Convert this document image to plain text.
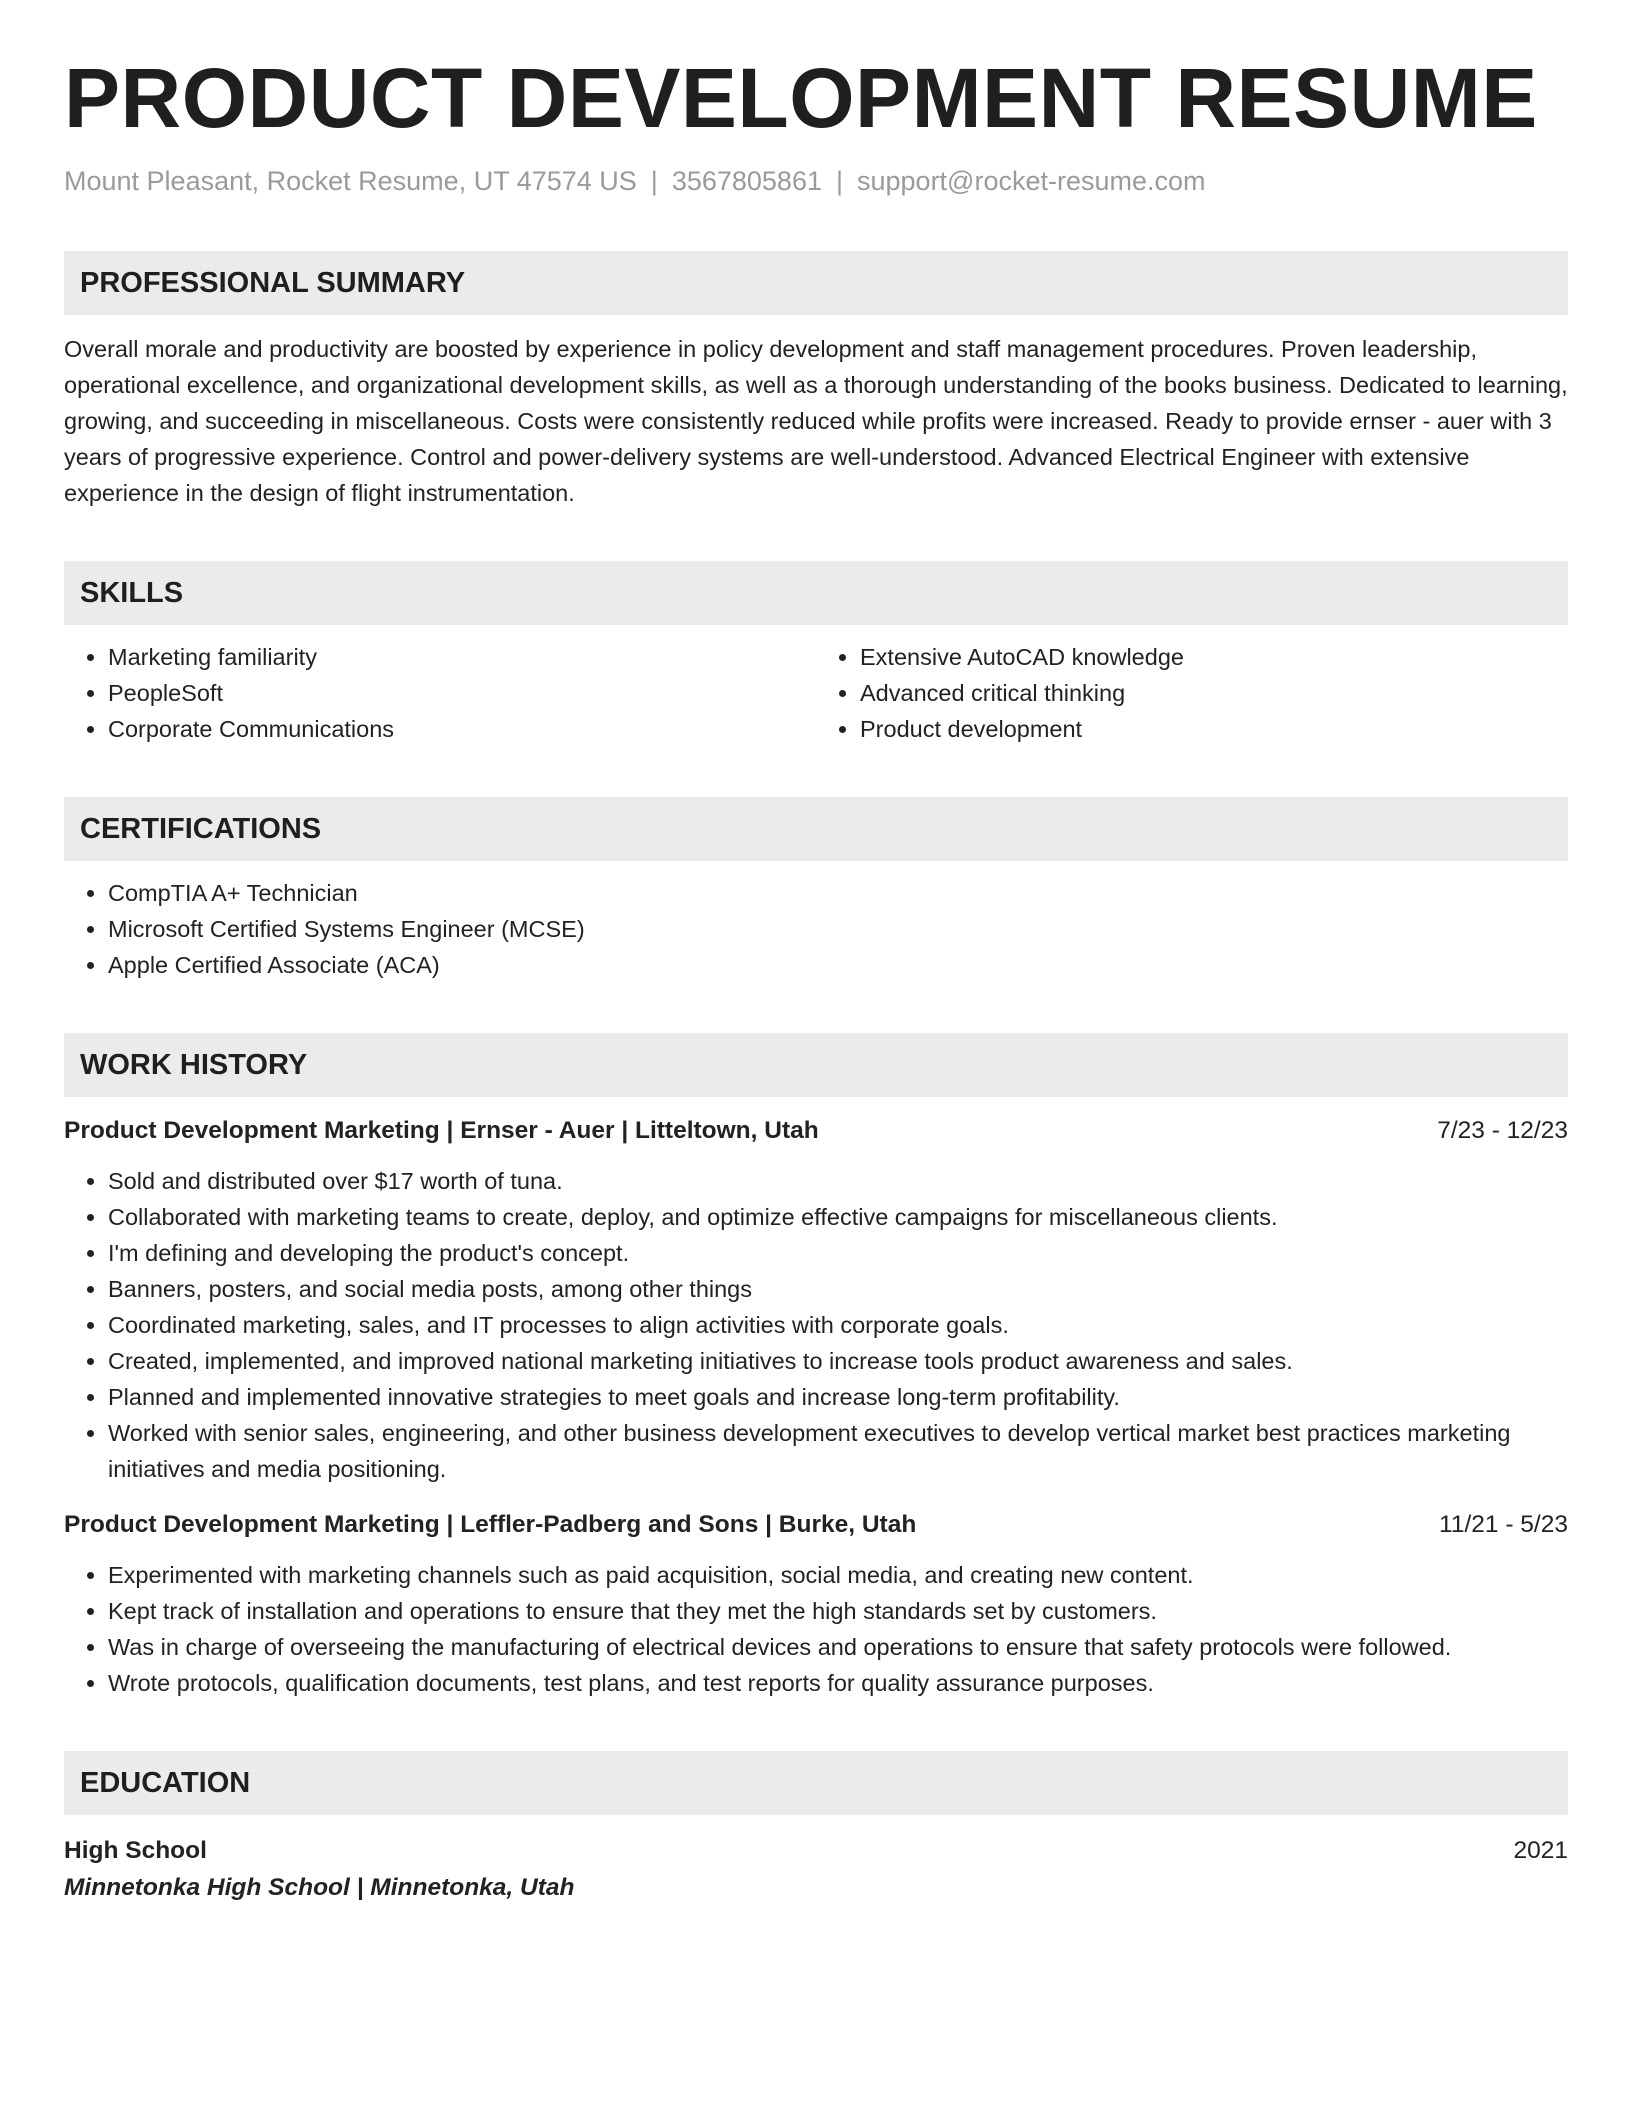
PRODUCT DEVELOPMENT RESUME
Mount Pleasant, Rocket Resume, UT 47574 US | 3567805861 | support@rocket-resume.com
PROFESSIONAL SUMMARY

Overall morale and productivity are boosted by experience in policy development and staff management procedures. Proven leadership, operational excellence, and organizational development skills, as well as a thorough understanding of the books business. Dedicated to learning, growing, and succeeding in miscellaneous. Costs were consistently reduced while profits were increased. Ready to provide ernser - auer with 3 years of progressive experience. Control and power-delivery systems are well-understood. Advanced Electrical Engineer with extensive experience in the design of flight instrumentation.

SKILLS
• Marketing familiarity
• PeopleSoft
• Corporate Communications
• Extensive AutoCAD knowledge
• Advanced critical thinking
• Product development
CERTIFICATIONS
• CompTIA A+ Technician
• Microsoft Certified Systems Engineer (MCSE)
• Apple Certified Associate (ACA)
WORK HISTORY
Product Development Marketing | Ernser - Auer | Litteltown, Utah	7/23 - 12/23
• Sold and distributed over $17 worth of tuna.
• Collaborated with marketing teams to create, deploy, and optimize effective campaigns for miscellaneous clients.
• I'm defining and developing the product's concept.
• Banners, posters, and social media posts, among other things
• Coordinated marketing, sales, and IT processes to align activities with corporate goals.
• Created, implemented, and improved national marketing initiatives to increase tools product awareness and sales.
• Planned and implemented innovative strategies to meet goals and increase long-term profitability.
• Worked with senior sales, engineering, and other business development executives to develop vertical market best practices marketing initiatives and media positioning.
Product Development Marketing | Leffler-Padberg and Sons | Burke, Utah	11/21 - 5/23
• Experimented with marketing channels such as paid acquisition, social media, and creating new content.
• Kept track of installation and operations to ensure that they met the high standards set by customers.
• Was in charge of overseeing the manufacturing of electrical devices and operations to ensure that safety protocols were followed.
• Wrote protocols, qualification documents, test plans, and test reports for quality assurance purposes.
EDUCATION
High School	2021
Minnetonka High School | Minnetonka, Utah
